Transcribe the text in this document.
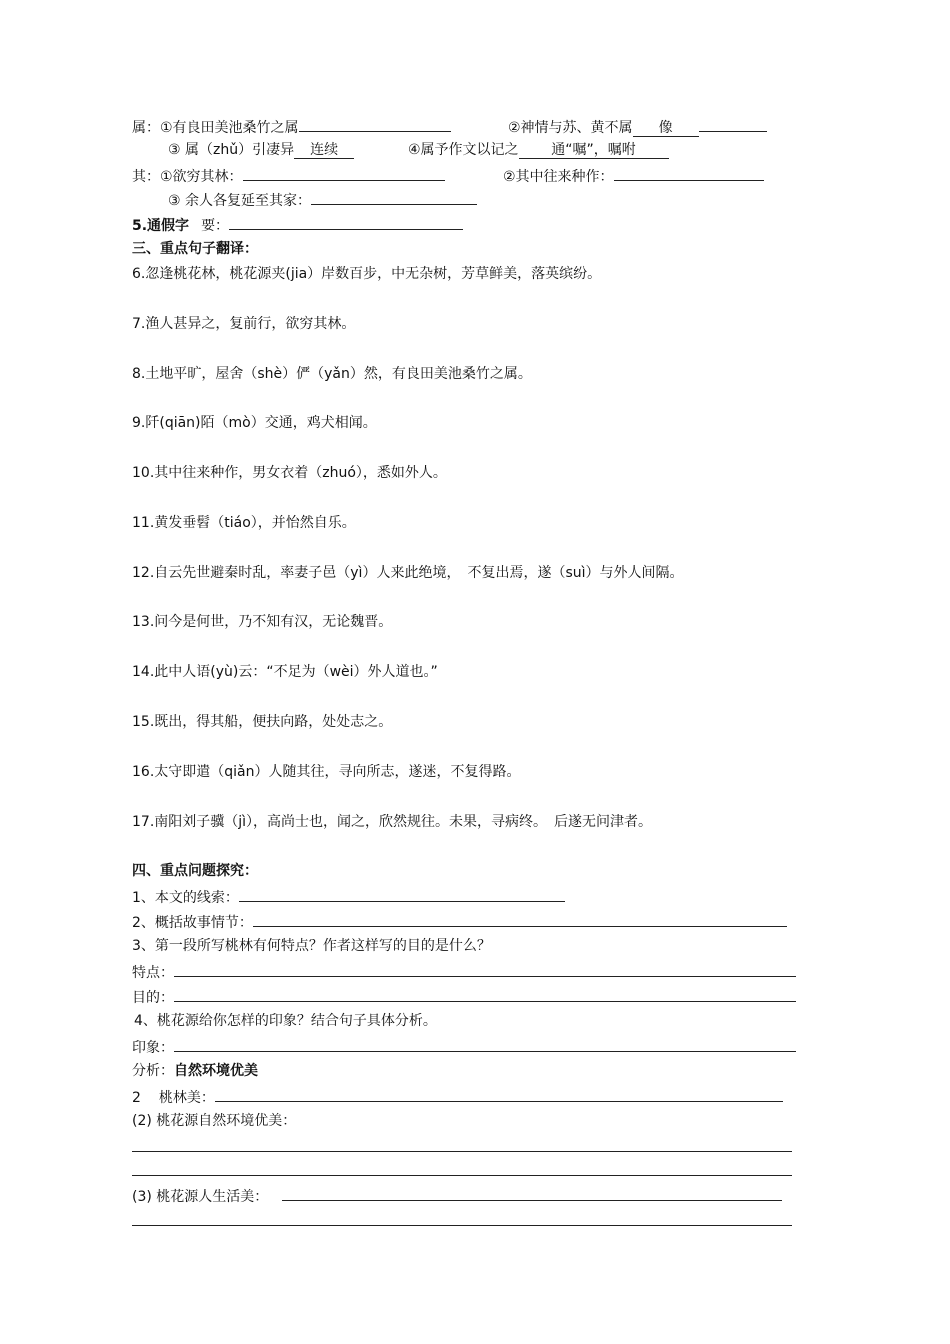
属：①有良田美池桑竹之属	②神情与苏、黄不属 像
③ 属（zhǔ）引凄异 连续	④属予作文以记之 通“嘱”，嘱咐
其：①欲穷其林：	②其中往来种作：
③ 余人各复延至其家：
5.通假字 要：
三、重点句子翻译：
6.忽逢桃花林，桃花源夹(jia）岸数百步，中无杂树，芳草鲜美，落英缤纷。
7.渔人甚异之，复前行，欲穷其林。
8.土地平旷，屋舍（shè）俨（yǎn）然，有良田美池桑竹之属。
9.阡(qiān)陌（mò）交通，鸡犬相闻。
10.其中往来种作，男女衣着（zhuó），悉如外人。
11.黄发垂髫（tiáo），并怡然自乐。
12.自云先世避秦时乱，率妻子邑（yì）人来此绝境，　不复出焉，遂（suì）与外人间隔。
13.问今是何世，乃不知有汉，无论魏晋。
14.此中人语(yù)云：“不足为（wèi）外人道也。”
15.既出，得其船，便扶向路，处处志之。
16.太守即遣（qiǎn）人随其往，寻向所志，遂迷，不复得路。
17.南阳刘子骥（jì），高尚士也，闻之，欣然规往。未果，寻病终。　后遂无问津者。
四、重点问题探究：
1、本文的线索：
2、概括故事情节：
3、第一段所写桃林有何特点？作者这样写的目的是什么？
特点：
目的：
4、桃花源给你怎样的印象？结合句子具体分析。
印象：
分析：自然环境优美
2 桃林美：
(2) 桃花源自然环境优美：
(3) 桃花源人生活美：
